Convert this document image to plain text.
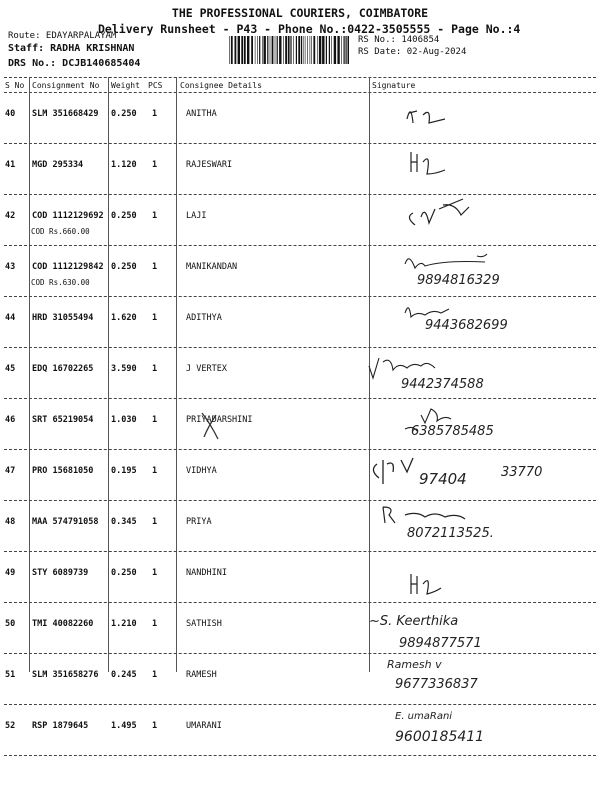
THE PROFESSIONAL COURIERS, COIMBATORE
Delivery Runsheet - P43 - Phone No.:0422-3505555 - Page No.:4
Route: EDAYARPALAYAM
Staff: RADHA KRISHNAN
DRS No.: DCJB140685404
RS No.: 1406854
RS Date: 02-Aug-2024
S No Consignment No Weight PCS Consignee Details	Signature
40 SLM 351668429 0.250 1	ANITHA
41 MGD 295334	1.120 1	RAJESWARI
42 COD 1112129692 0.250 1	LAJI
COD Rs.660.00
43 COD 1112129842 0.250 1	MANIKANDAN
COD Rs.630.00	9894816329
44 HRD 31055494 1.620 1	ADITHYA	9443682699
45 EDQ 16702265 3.590 1	J VERTEX
9442374588
46 SRT 65219054 1.030 1	PRIYADARSHINI
6385785485
47 PRO 15681050 0.195 1	VIDHYA	97404	33770
48 MAA 574791058 0.345 1	PRIYA
8072113525.
49 STY 6089739	0.250 1	NANDHINI
50 TMI 40082260 1.210 1	SATHISH	~S. Keerthika
9894877571
51 SLM 351658276 0.245 1	RAMESH
Ramesh v
9677336837
52 RSP 1879645	1.495 1	UMARANI
E. umaRani
9600185411
